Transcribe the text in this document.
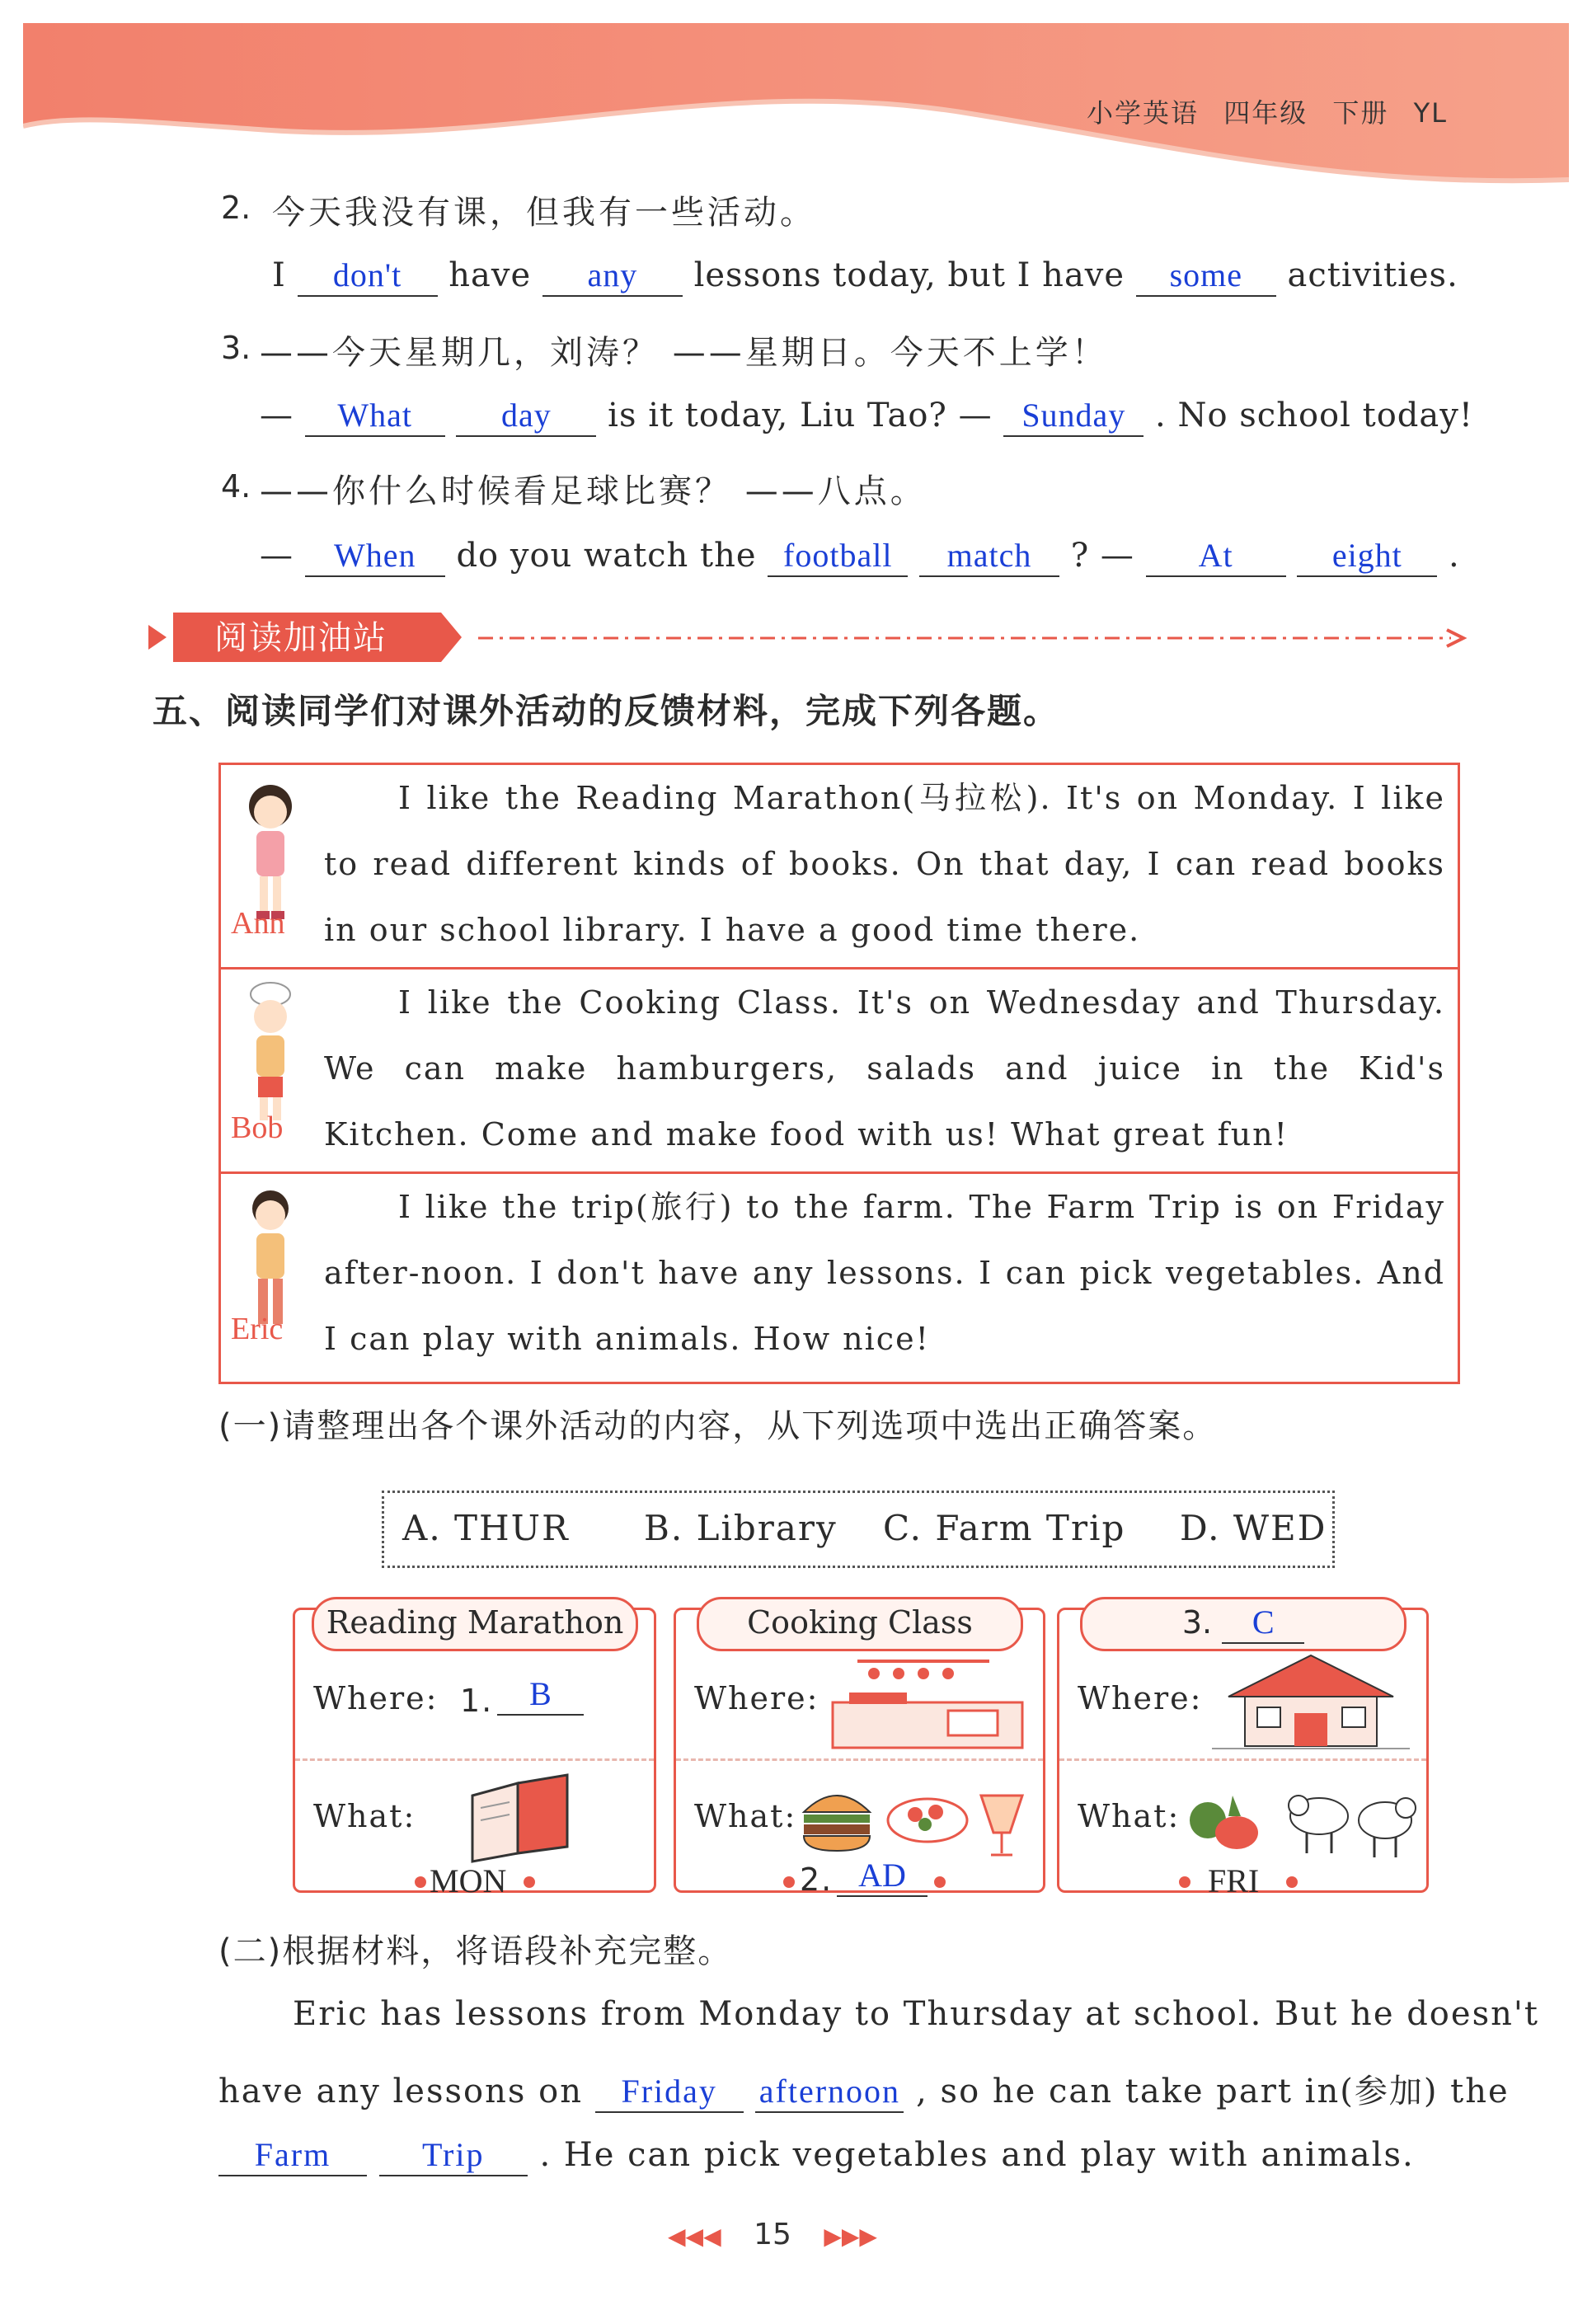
小学英语 四年级 下册 YL
2. 今天我没有课，但我有一些活动。
I don't have any lessons today, but I have some activities.
3. ——今天星期几，刘涛？ ——星期日。今天不上学！
— What	day is it today, Liu Tao? — Sunday . No school today!
4. ——你什么时候看足球比赛？ ——八点。
— When do you watch the football match ? — At	eight .
阅读加油站
五、阅读同学们对课外活动的反馈材料，完成下列各题。
Ann
I like the Reading Marathon(马拉松). It's on Monday. I like to read different kinds of books. On that day, I can read books in our school library. I have a good time there.
Bob
I like the Cooking Class. It's on Wednesday and Thursday. We can make hamburgers, salads and juice in the Kid's Kitchen. Come and make food with us! What great fun!
Eric
I like the trip(旅行) to the farm. The Farm Trip is on Friday after-noon. I don't have any lessons. I can pick vegetables. And I can play with animals. How nice!
(一)请整理出各个课外活动的内容，从下列选项中选出正确答案。
A. THUR B. Library C. Farm Trip D. WED
Reading Marathon
Where: 1.	B
What:
MON
Cooking Class
Where:
What:
2. AD
3. C
Where:
What:
FRI
(二)根据材料，将语段补充完整。
Eric has lessons from Monday to Thursday at school. But he doesn't
have any lessons on Friday afternoon , so he can take part in(参加) the
Farm	Trip . He can pick vegetables and play with animals.
◀◀◀ 15 ▶▶▶
